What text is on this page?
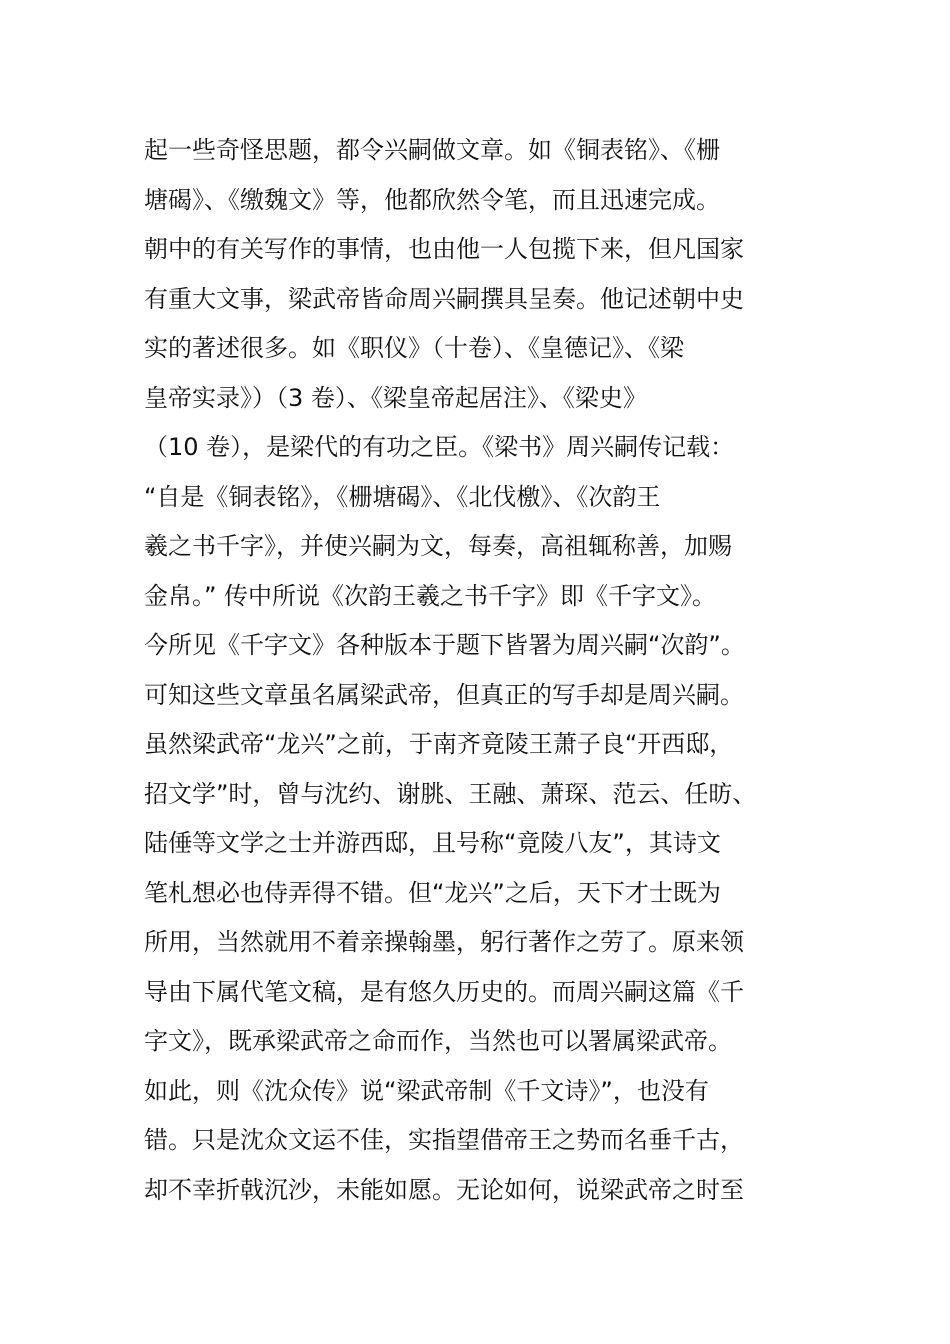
起一些奇怪思题，都令兴嗣做文章。如《铜表铭》、《栅
塘碣》、《缴魏文》等，他都欣然令笔，而且迅速完成。
朝中的有关写作的事情，也由他一人包揽下来，但凡国家
有重大文事，梁武帝皆命周兴嗣撰具呈奏。他记述朝中史
实的著述很多。如《职仪》（十卷）、《皇德记》、《梁
皇帝实录》）（3 卷）、《梁皇帝起居注》、《梁史》
（10 卷），是梁代的有功之臣。《梁书》周兴嗣传记载：
“自是《铜表铭》，《栅塘碣》、《北伐檄》、《次韵王
羲之书千字》，并使兴嗣为文，每奏，高祖辄称善，加赐
金帛。” 传中所说《次韵王羲之书千字》即《千字文》。
今所见《千字文》各种版本于题下皆署为周兴嗣“次韵”。
可知这些文章虽名属梁武帝，但真正的写手却是周兴嗣。
虽然梁武帝“龙兴”之前，于南齐竟陵王萧子良“开西邸，
招文学”时，曾与沈约、谢朓、王融、萧琛、范云、任昉、
陆倕等文学之士并游西邸，且号称“竟陵八友”，其诗文
笔札想必也侍弄得不错。但“龙兴”之后，天下才士既为
所用，当然就用不着亲操翰墨，躬行著作之劳了。原来领
导由下属代笔文稿，是有悠久历史的。而周兴嗣这篇《千
字文》，既承梁武帝之命而作，当然也可以署属梁武帝。
如此，则《沈众传》说“梁武帝制《千文诗》”，也没有
错。只是沈众文运不佳，实指望借帝王之势而名垂千古，
却不幸折戟沉沙，未能如愿。无论如何，说梁武帝之时至
